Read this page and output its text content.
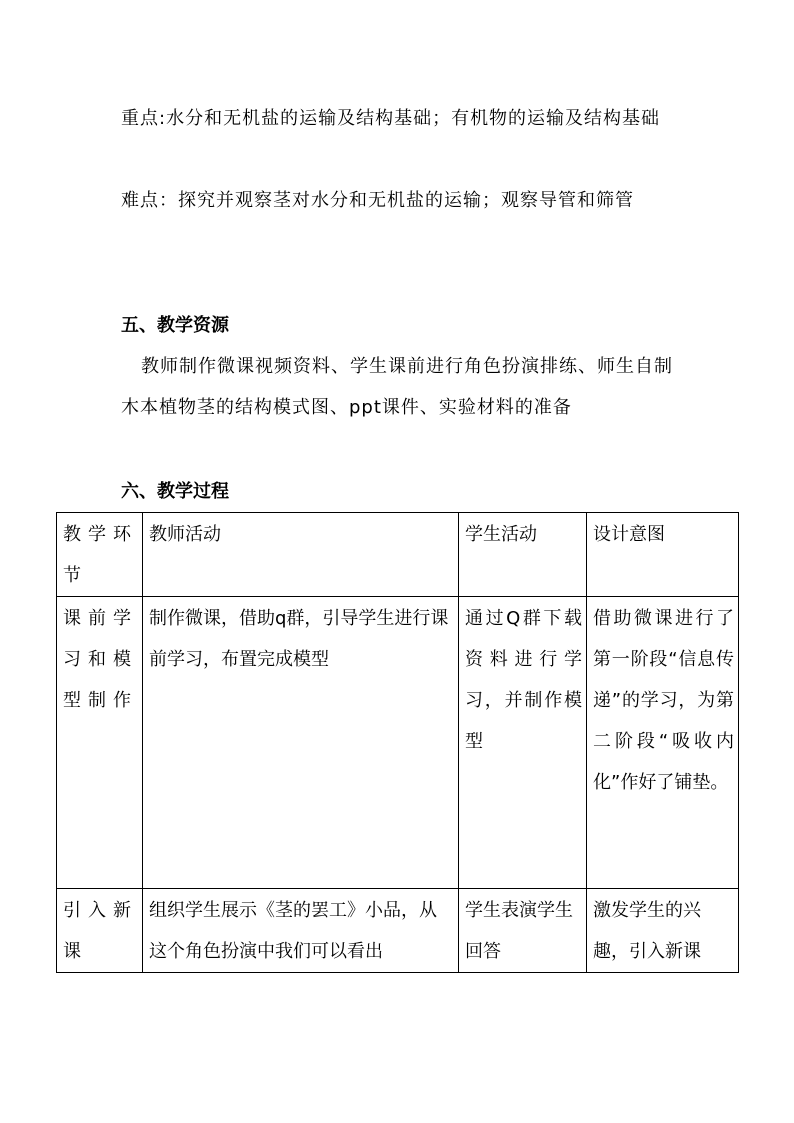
重点:水分和无机盐的运输及结构基础；有机物的运输及结构基础

难点：探究并观察茎对水分和无机盐的运输；观察导管和筛管

五、教学资源

教师制作微课视频资料、学生课前进行角色扮演排练、师生自制木本植物茎的结构模式图、ppt课件、实验材料的准备

六、教学过程
教学环节	教师活动	学生活动	设计意图
课前学习和模型制作	制作微课，借助q群，引导学生进行课前学习，布置完成模型	通过Q群下载资料进行学习，并制作模型	借助微课进行了第一阶段“信息传递”的学习，为第二阶段“吸收内化”作好了铺垫。
引入新课	组织学生展示《茎的罢工》小品，从这个角色扮演中我们可以看出	学生表演学生回答	激发学生的兴趣，引入新课
